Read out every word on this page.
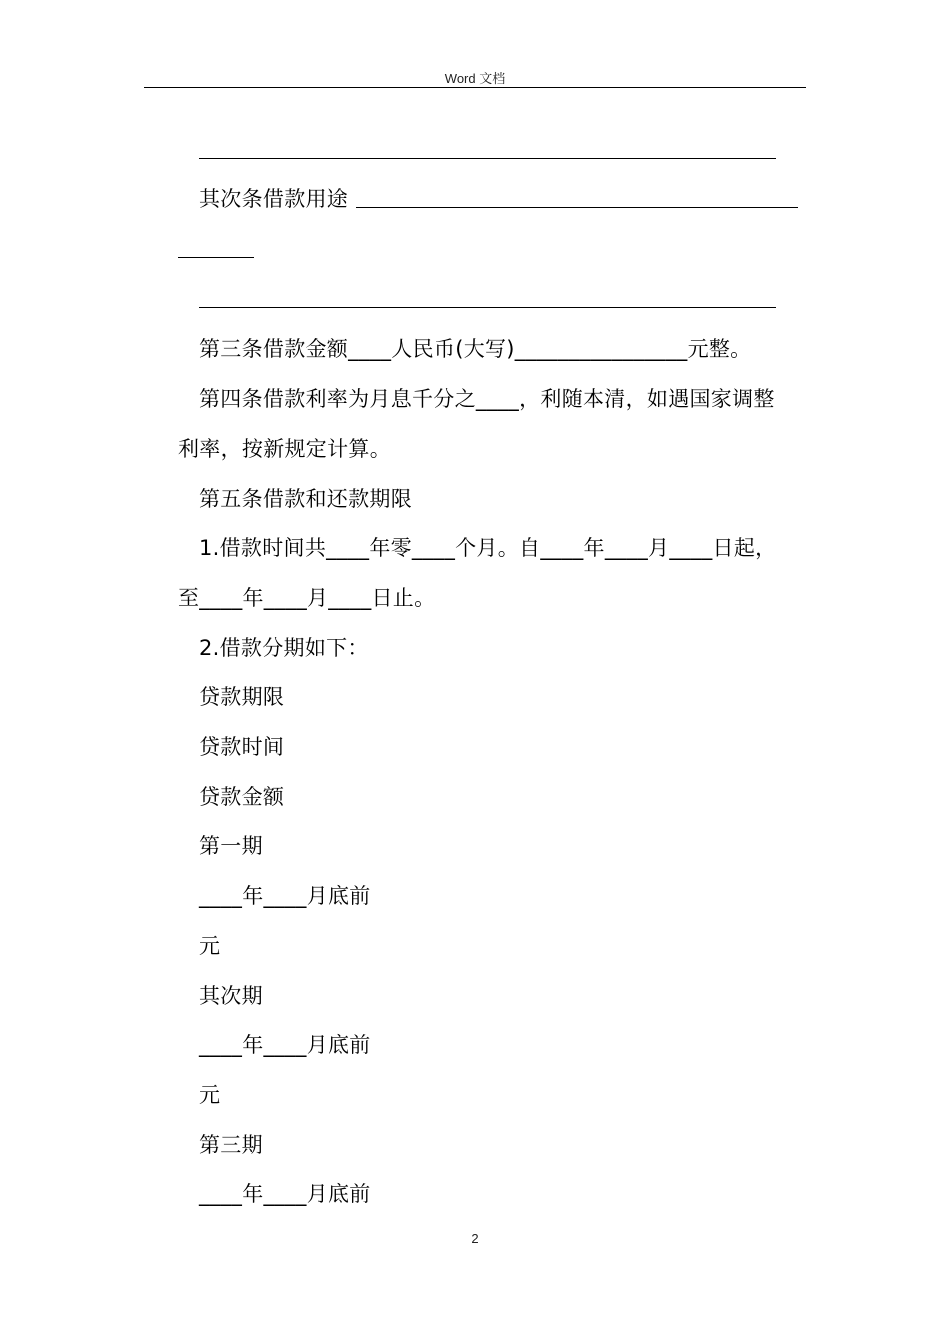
Word 文档
其次条借款用途
第三条借款金额____人民币(大写)________________元整。
第四条借款利率为月息千分之____，利随本清，如遇国家调整
利率，按新规定计算。
第五条借款和还款期限
1.借款时间共____年零____个月。自____年____月____日起，
至____年____月____日止。
2.借款分期如下：
贷款期限
贷款时间
贷款金额
第一期
____年____月底前
元
其次期
____年____月底前
元
第三期
____年____月底前
2
